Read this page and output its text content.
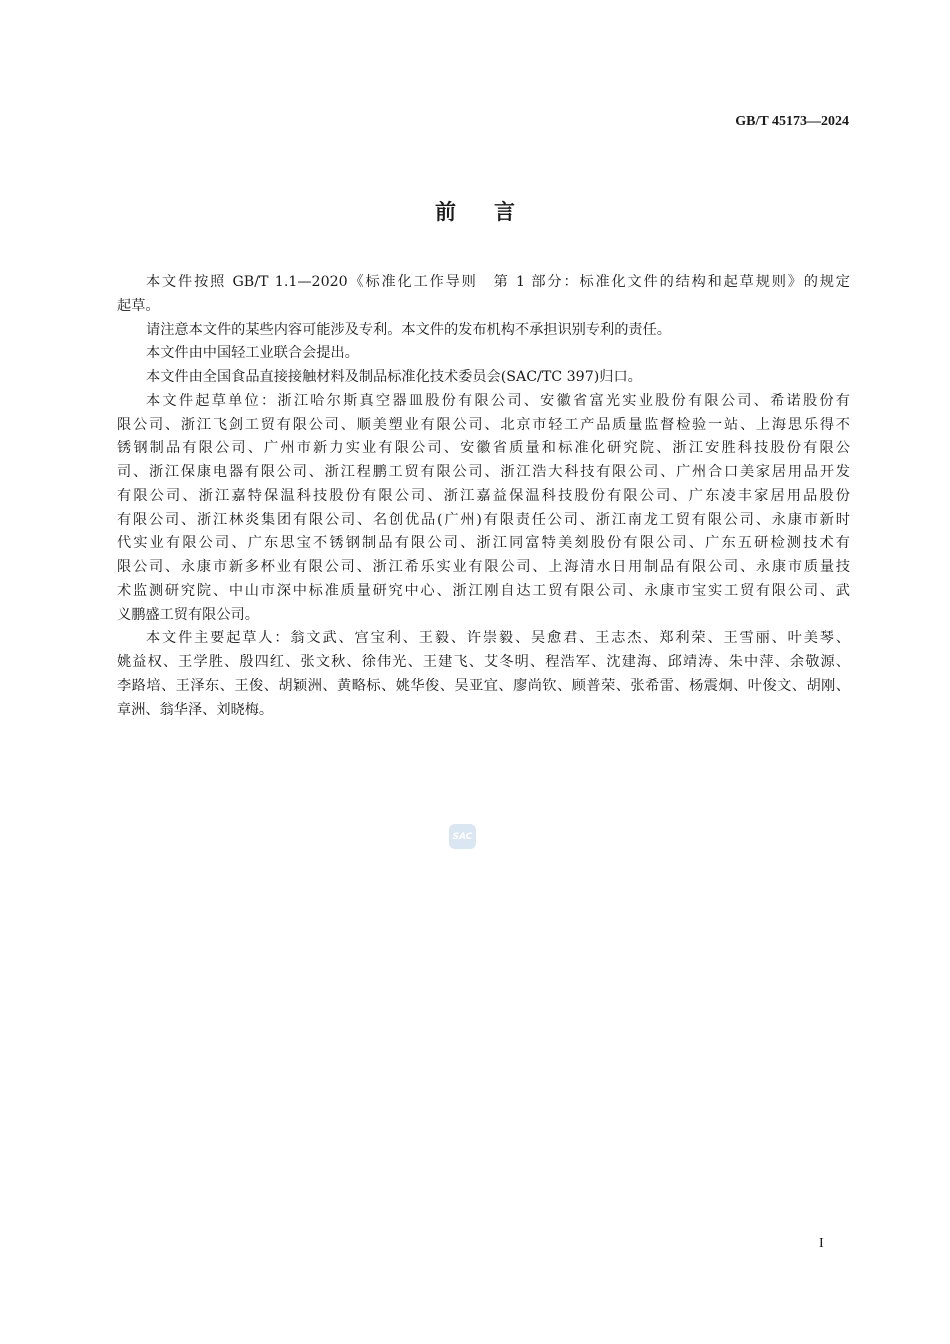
GB/T 45173—2024
前言
本文件按照 GB/T 1.1—2020《标准化工作导则　第 1 部分：标准化文件的结构和起草规则》的规定
起草。
请注意本文件的某些内容可能涉及专利。本文件的发布机构不承担识别专利的责任。
本文件由中国轻工业联合会提出。
本文件由全国食品直接接触材料及制品标准化技术委员会(SAC/TC 397)归口。
本文件起草单位：浙江哈尔斯真空器皿股份有限公司、安徽省富光实业股份有限公司、希诺股份有
限公司、浙江飞剑工贸有限公司、顺美塑业有限公司、北京市轻工产品质量监督检验一站、上海思乐得不
锈钢制品有限公司、广州市新力实业有限公司、安徽省质量和标准化研究院、浙江安胜科技股份有限公
司、浙江保康电器有限公司、浙江程鹏工贸有限公司、浙江浩大科技有限公司、广州合口美家居用品开发
有限公司、浙江嘉特保温科技股份有限公司、浙江嘉益保温科技股份有限公司、广东凌丰家居用品股份
有限公司、浙江林炎集团有限公司、名创优品(广州)有限责任公司、浙江南龙工贸有限公司、永康市新时
代实业有限公司、广东思宝不锈钢制品有限公司、浙江同富特美刻股份有限公司、广东五研检测技术有
限公司、永康市新多杯业有限公司、浙江希乐实业有限公司、上海清水日用制品有限公司、永康市质量技
术监测研究院、中山市深中标准质量研究中心、浙江刚自达工贸有限公司、永康市宝实工贸有限公司、武
义鹏盛工贸有限公司。
本文件主要起草人：翁文武、宫宝利、王毅、许崇毅、吴愈君、王志杰、郑利荣、王雪丽、叶美琴、
姚益权、王学胜、殷四红、张文秋、徐伟光、王建飞、艾冬明、程浩军、沈建海、邱靖涛、朱中萍、余敬源、
李路培、王泽东、王俊、胡颖洲、黄略标、姚华俊、吴亚宜、廖尚钦、顾普荣、张希雷、杨震炯、叶俊文、胡刚、
章洲、翁华泽、刘晓梅。
SAC
I
